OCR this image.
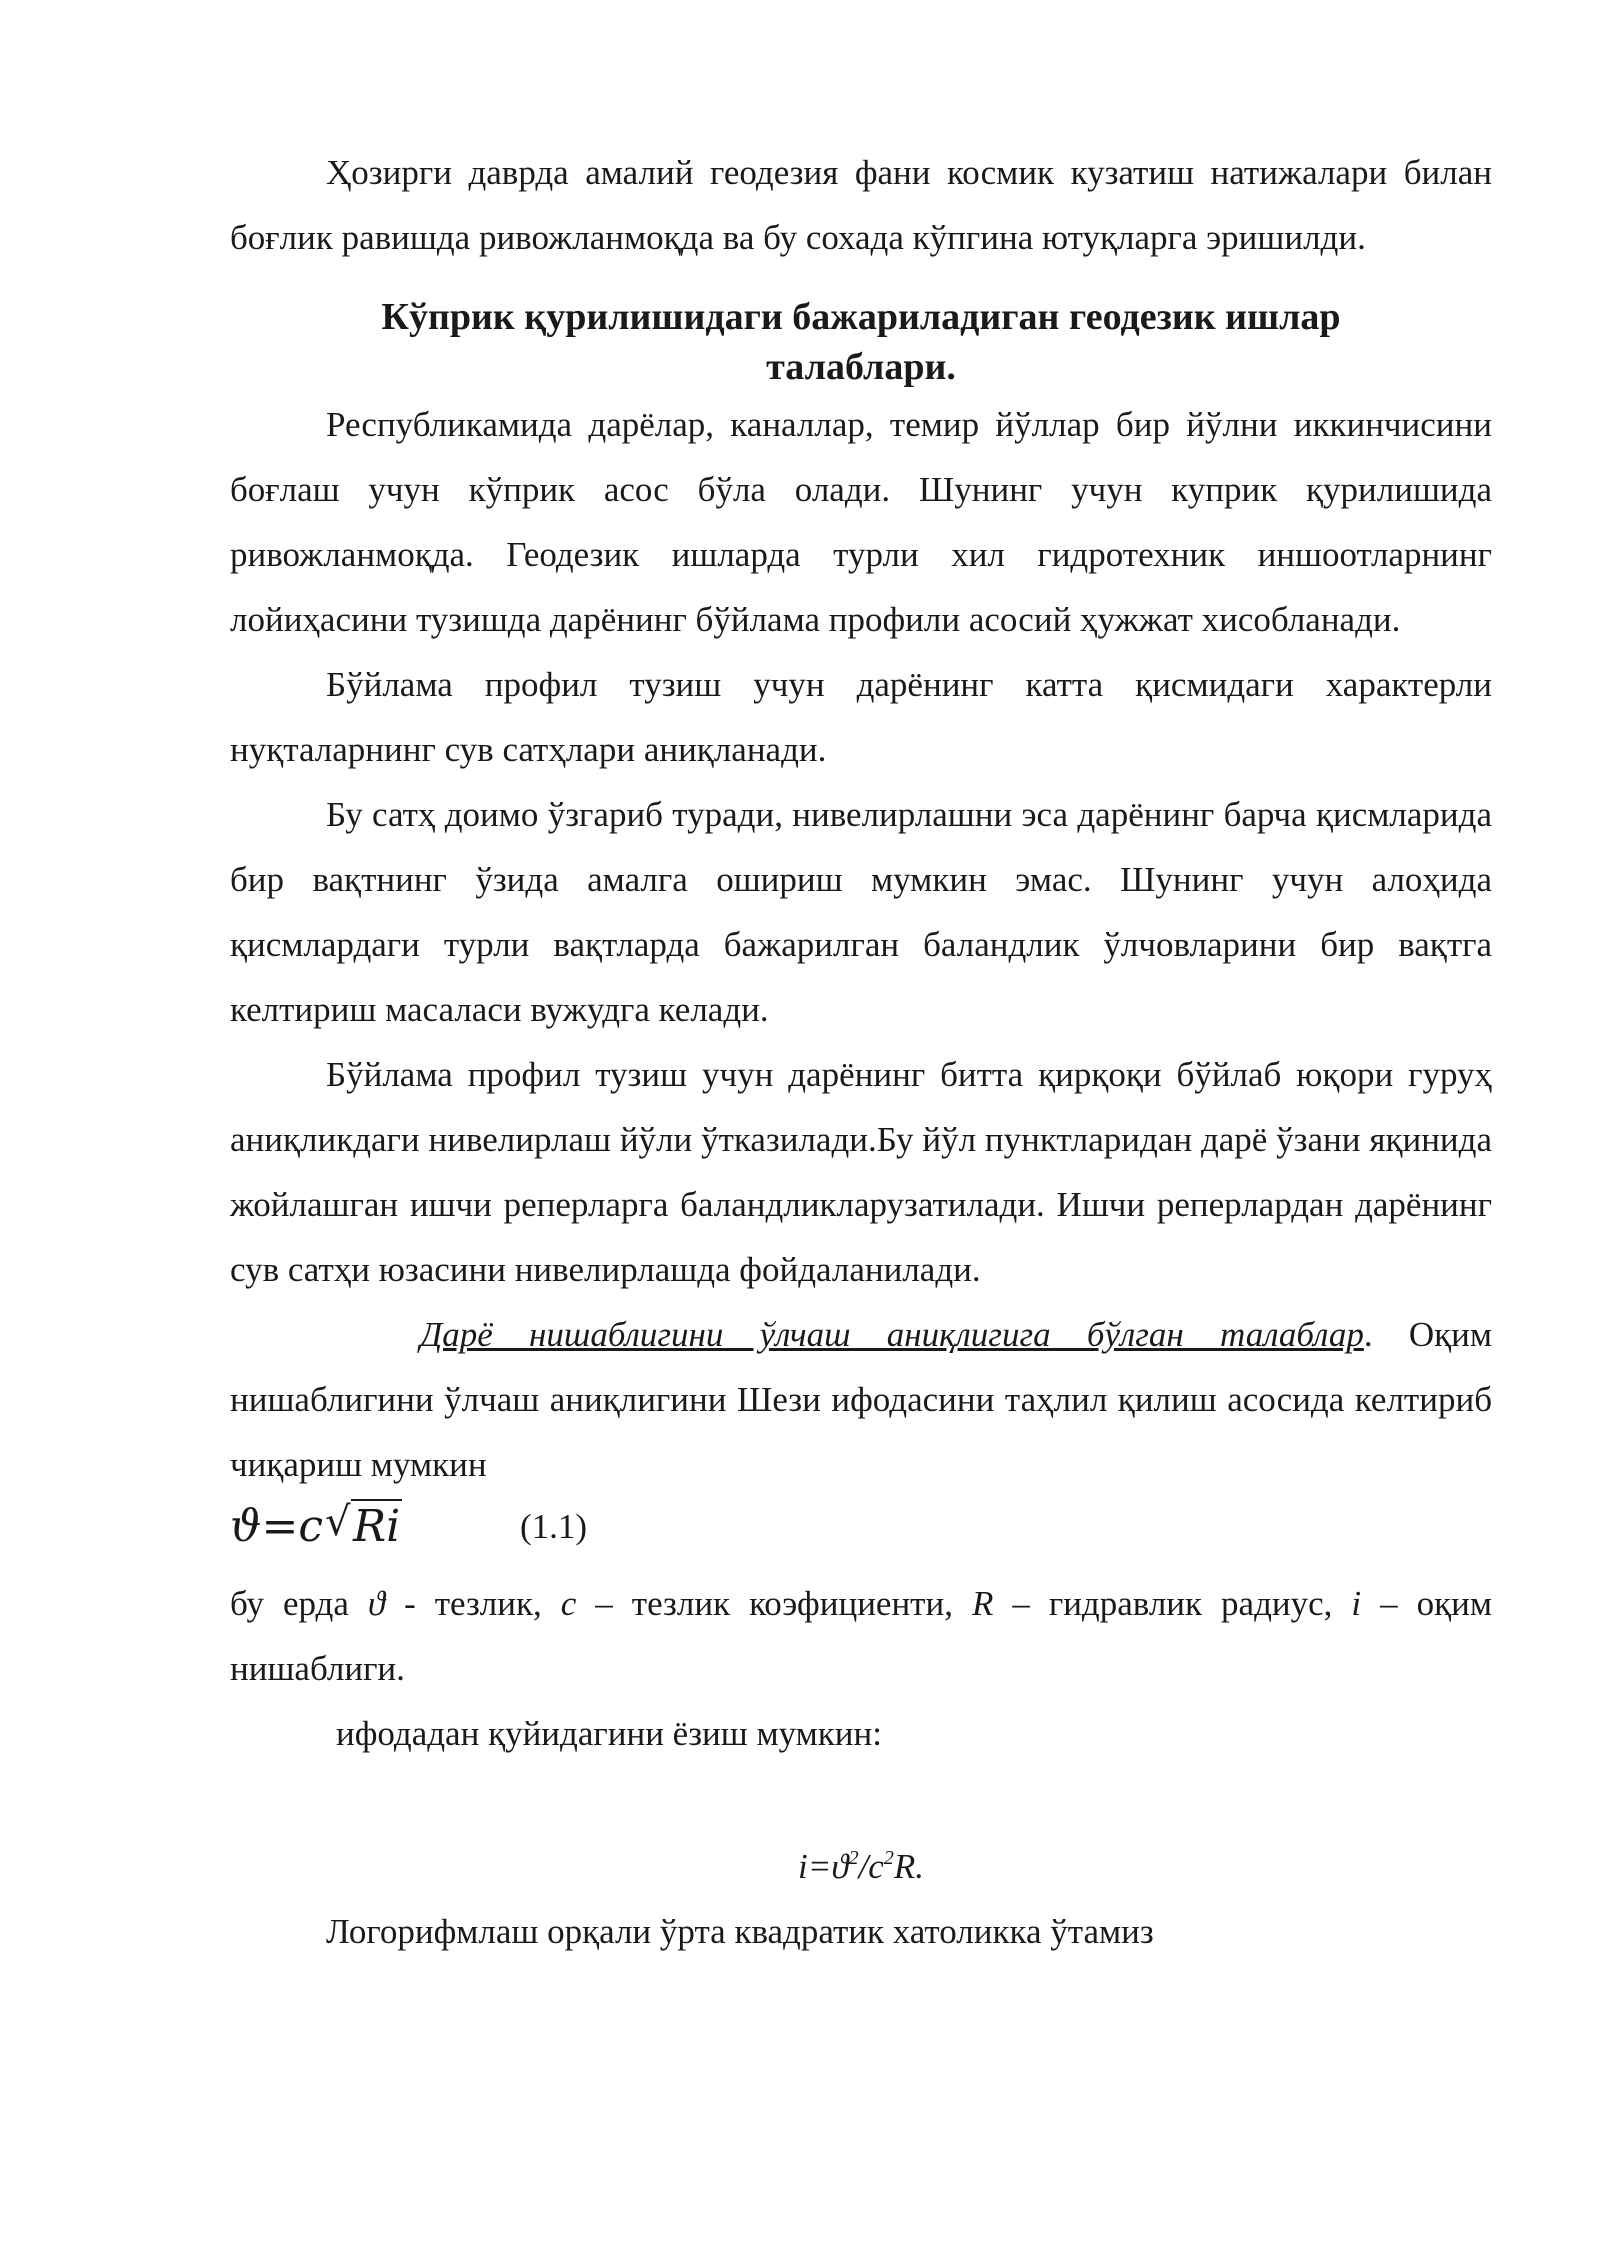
Ҳозирги даврда амалий геодезия фани космик кузатиш натижалари билан боғлик равишда ривожланмоқда ва бу сохада кўпгина ютуқларга эришилди.

Кўприк қурилишидаги бажариладиган геодезик ишлар талаблари.

Республикамида дарёлар, каналлар, темир йўллар бир йўлни иккинчисини боғлаш учун кўприк асос бўла олади. Шунинг учун куприк қурилишида ривожланмоқда. Геодезик ишларда турли хил гидротехник иншоотларнинг лойиҳасини тузишда дарёнинг бўйлама профили асосий ҳужжат хисобланади.

Бўйлама профил тузиш учун дарёнинг катта қисмидаги характерли нуқталарнинг сув сатҳлари аниқланади.

Бу сатҳ доимо ўзгариб туради, нивелирлашни эса дарёнинг барча қисмларида бир вақтнинг ўзида амалга ошириш мумкин эмас. Шунинг учун алоҳида қисмлардаги турли вақтларда бажарилган баландлик ўлчовларини бир вақтга келтириш масаласи вужудга келади.

Бўйлама профил тузиш учун дарёнинг битта қирқоқи бўйлаб юқори гуруҳ аниқликдаги нивелирлаш йўли ўтказилади.Бу йўл пунктларидан дарё ўзани яқинида жойлашган ишчи реперларга баландликларузатилади. Ишчи реперлардан дарёнинг сув сатҳи юзасини нивелирлашда фойдаланилади.

Дарё нишаблигини ўлчаш аниқлигига бўлган талаблар. Оқим нишаблигини ўлчаш аниқлигини Шези ифодасини таҳлил қилиш асосида келтириб чиқариш мумкин

ϑ=c √ Ri	(1.1)

бу ерда ϑ - тезлик, c – тезлик коэфициенти, R – гидравлик радиус, i – оқим нишаблиги.

ифодадан қуйидагини ёзиш мумкин:

$i=ϑ^2/c^2R$.

Логорифмлаш орқали ўрта квадратик хатоликка ўтамиз
